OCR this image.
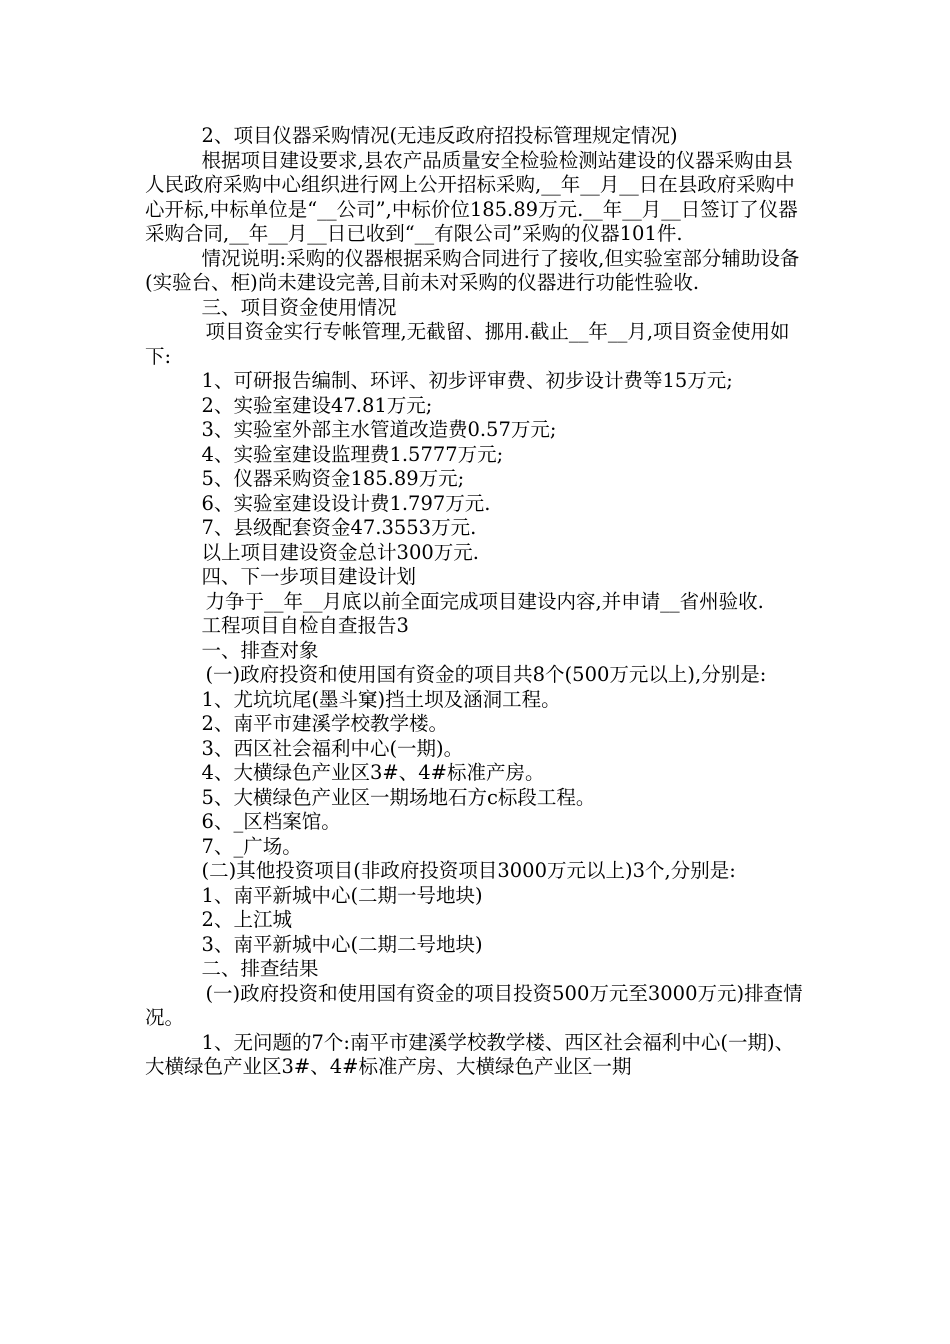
2、项目仪器采购情况(无违反政府招投标管理规定情况)

根据项目建设要求,县农产品质量安全检验检测站建设的仪器采购由县人民政府采购中心组织进行网上公开招标采购,__年__月__日在县政府采购中心开标,中标单位是“__公司”,中标价位185.89万元.__年__月__日签订了仪器采购合同,__年__月__日已收到“__有限公司”采购的仪器101件.

情况说明:采购的仪器根据采购合同进行了接收,但实验室部分辅助设备(实验台、柜)尚未建设完善,目前未对采购的仪器进行功能性验收.

三、项目资金使用情况

项目资金实行专帐管理,无截留、挪用.截止__年__月,项目资金使用如下:

1、可研报告编制、环评、初步评审费、初步设计费等15万元;

2、实验室建设47.81万元;

3、实验室外部主水管道改造费0.57万元;

4、实验室建设监理费1.5777万元;

5、仪器采购资金185.89万元;

6、实验室建设设计费1.797万元.

7、县级配套资金47.3553万元.

以上项目建设资金总计300万元.

四、下一步项目建设计划

力争于__年__月底以前全面完成项目建设内容,并申请__省州验收.

工程项目自检自查报告3

一、排查对象

(一)政府投资和使用国有资金的项目共8个(500万元以上),分别是:

1、尤坑坑尾(墨斗窠)挡土坝及涵洞工程。

2、南平市建溪学校教学楼。

3、西区社会福利中心(一期)。

4、大横绿色产业区3#、4#标准产房。

5、大横绿色产业区一期场地石方c标段工程。

6、_区档案馆。

7、_广场。

(二)其他投资项目(非政府投资项目3000万元以上)3个,分别是:

1、南平新城中心(二期一号地块)

2、上江城

3、南平新城中心(二期二号地块)

二、排查结果

(一)政府投资和使用国有资金的项目投资500万元至3000万元)排查情况。

1、无问题的7个:南平市建溪学校教学楼、西区社会福利中心(一期)、大横绿色产业区3#、4#标准产房、大横绿色产业区一期
